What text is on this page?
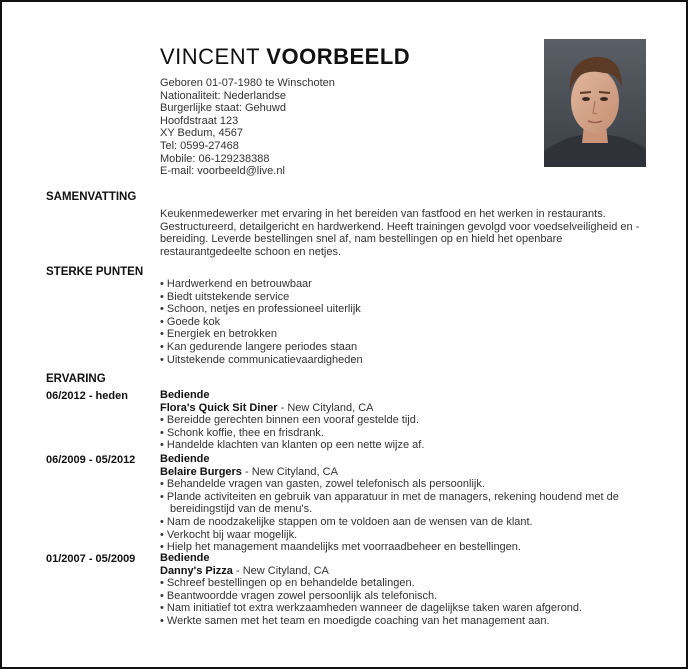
VINCENT VOORBEELD
Geboren 01-07-1980 te Winschoten
Nationaliteit: Nederlandse
Burgerlijke staat: Gehuwd
Hoofdstraat 123
XY Bedum, 4567
Tel: 0599-27468
Mobile: 06-129238388
E-mail: voorbeeld@live.nl
SAMENVATTING
Keukenmedewerker met ervaring in het bereiden van fastfood en het werken in restaurants. Gestructureerd, detailgericht en hardwerkend. Heeft trainingen gevolgd voor voedselveiligheid en -bereiding. Leverde bestellingen snel af, nam bestellingen op en hield het openbare restaurantgedeelte schoon en netjes.
STERKE PUNTEN
• Hardwerkend en betrouwbaar
• Biedt uitstekende service
• Schoon, netjes en professioneel uiterlijk
• Goede kok
• Energiek en betrokken
• Kan gedurende langere periodes staan
• Uitstekende communicatievaardigheden
ERVARING
06/2012 - heden	Bediende
Flora's Quick Sit Diner - New Cityland, CA
• Bereidde gerechten binnen een vooraf gestelde tijd.
• Schonk koffie, thee en frisdrank.
• Handelde klachten van klanten op een nette wijze af.
06/2009 - 05/2012 Bediende
Belaire Burgers - New Cityland, CA
• Behandelde vragen van gasten, zowel telefonisch als persoonlijk.
• Plande activiteiten en gebruik van apparatuur in met de managers, rekening houdend met de bereidingstijd van de menu's.
• Nam de noodzakelijke stappen om te voldoen aan de wensen van de klant.
• Verkocht bij waar mogelijk.
• Hielp het management maandelijks met voorraadbeheer en bestellingen.
01/2007 - 05/2009 Bediende
Danny's Pizza - New Cityland, CA
• Schreef bestellingen op en behandelde betalingen.
• Beantwoordde vragen zowel persoonlijk als telefonisch.
• Nam initiatief tot extra werkzaamheden wanneer de dagelijkse taken waren afgerond.
• Werkte samen met het team en moedigde coaching van het management aan.
